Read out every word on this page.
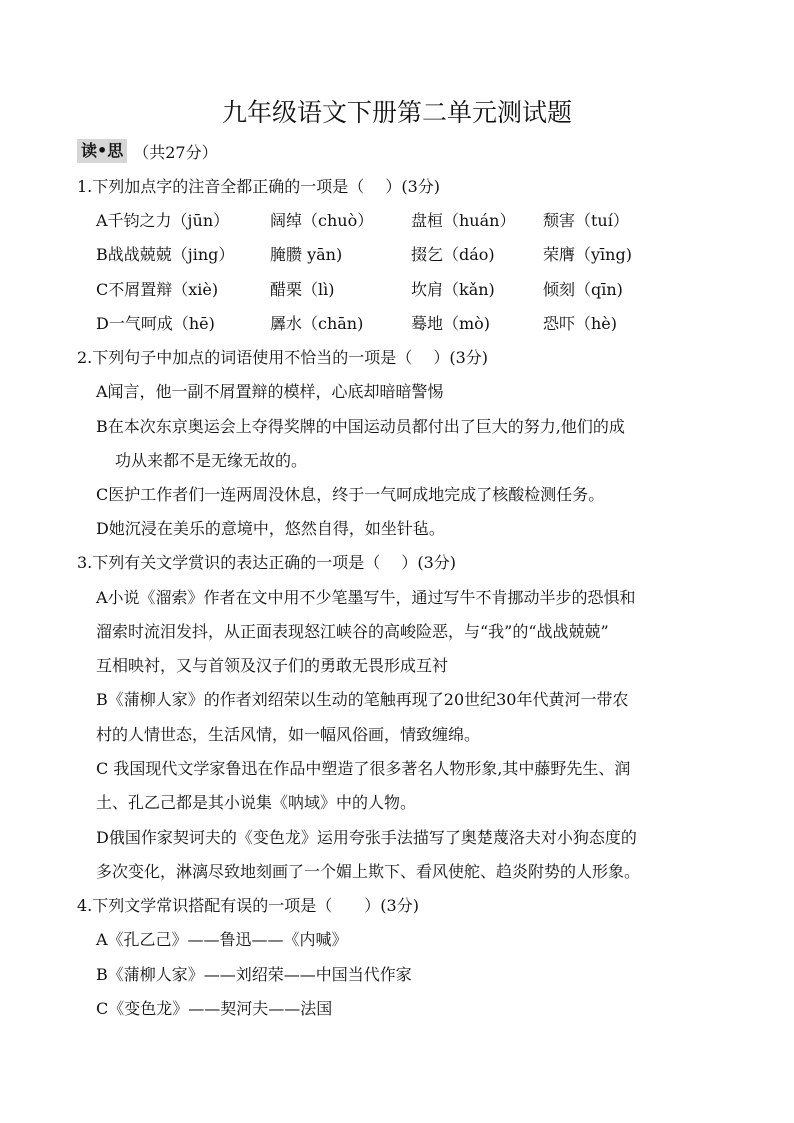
九年级语文下册第二单元测试题
读•思 （共27分）
1.下列加点字的注音全都正确的一项是（　 ）(3分)
A千钧之力（jūn）	阔绰（chuò） 盘桓（huán） 颓害（tuí）
B战战兢兢（jing） 腌臜 yān)	掇乞（dáo)	荣膺（yīng)
C不屑置辩（xiè)	醋栗（lì)	坎肩（kǎn)	倾刻（qīn)
D一气呵成（hē)	羼水（chān)	蓦地（mò)	恐吓（hè)
2.下列句子中加点的词语使用不恰当的一项是（　 ）(3分)
A闻言，他一副不屑置辩的模样，心底却暗暗警惕
B在本次东京奥运会上夺得奖牌的中国运动员都付出了巨大的努力,他们的成
功从来都不是无缘无故的。
C医护工作者们一连两周没休息，终于一气呵成地完成了核酸检测任务。
D她沉浸在美乐的意境中，悠然自得，如坐针毡。
3.下列有关文学赏识的表达正确的一项是（　 ）(3分)
A小说《溜索》作者在文中用不少笔墨写牛，通过写牛不肯挪动半步的恐惧和
溜索时流泪发抖，从正面表现怒江峡谷的高峻险恶，与“我”的“战战兢兢”
互相映衬，又与首领及汉子们的勇敢无畏形成互衬
B《蒲柳人家》的作者刘绍荣以生动的笔触再现了20世纪30年代黄河一带农
村的人情世态，生活风情，如一幅风俗画，情致缠绵。
C 我国现代文学家鲁迅在作品中塑造了很多著名人物形象,其中藤野先生、润
土、孔乙己都是其小说集《呐域》中的人物。
D俄国作家契诃夫的《变色龙》运用夸张手法描写了奥楚蔑洛夫对小狗态度的
多次变化，淋漓尽致地刻画了一个媚上欺下、看风使舵、趋炎附势的人形象。
4.下列文学常识搭配有误的一项是（　　）(3分)
A《孔乙己》——鲁迅——《内喊》
B《蒲柳人家》——刘绍荣——中国当代作家
C《变色龙》——契河夫——法国
